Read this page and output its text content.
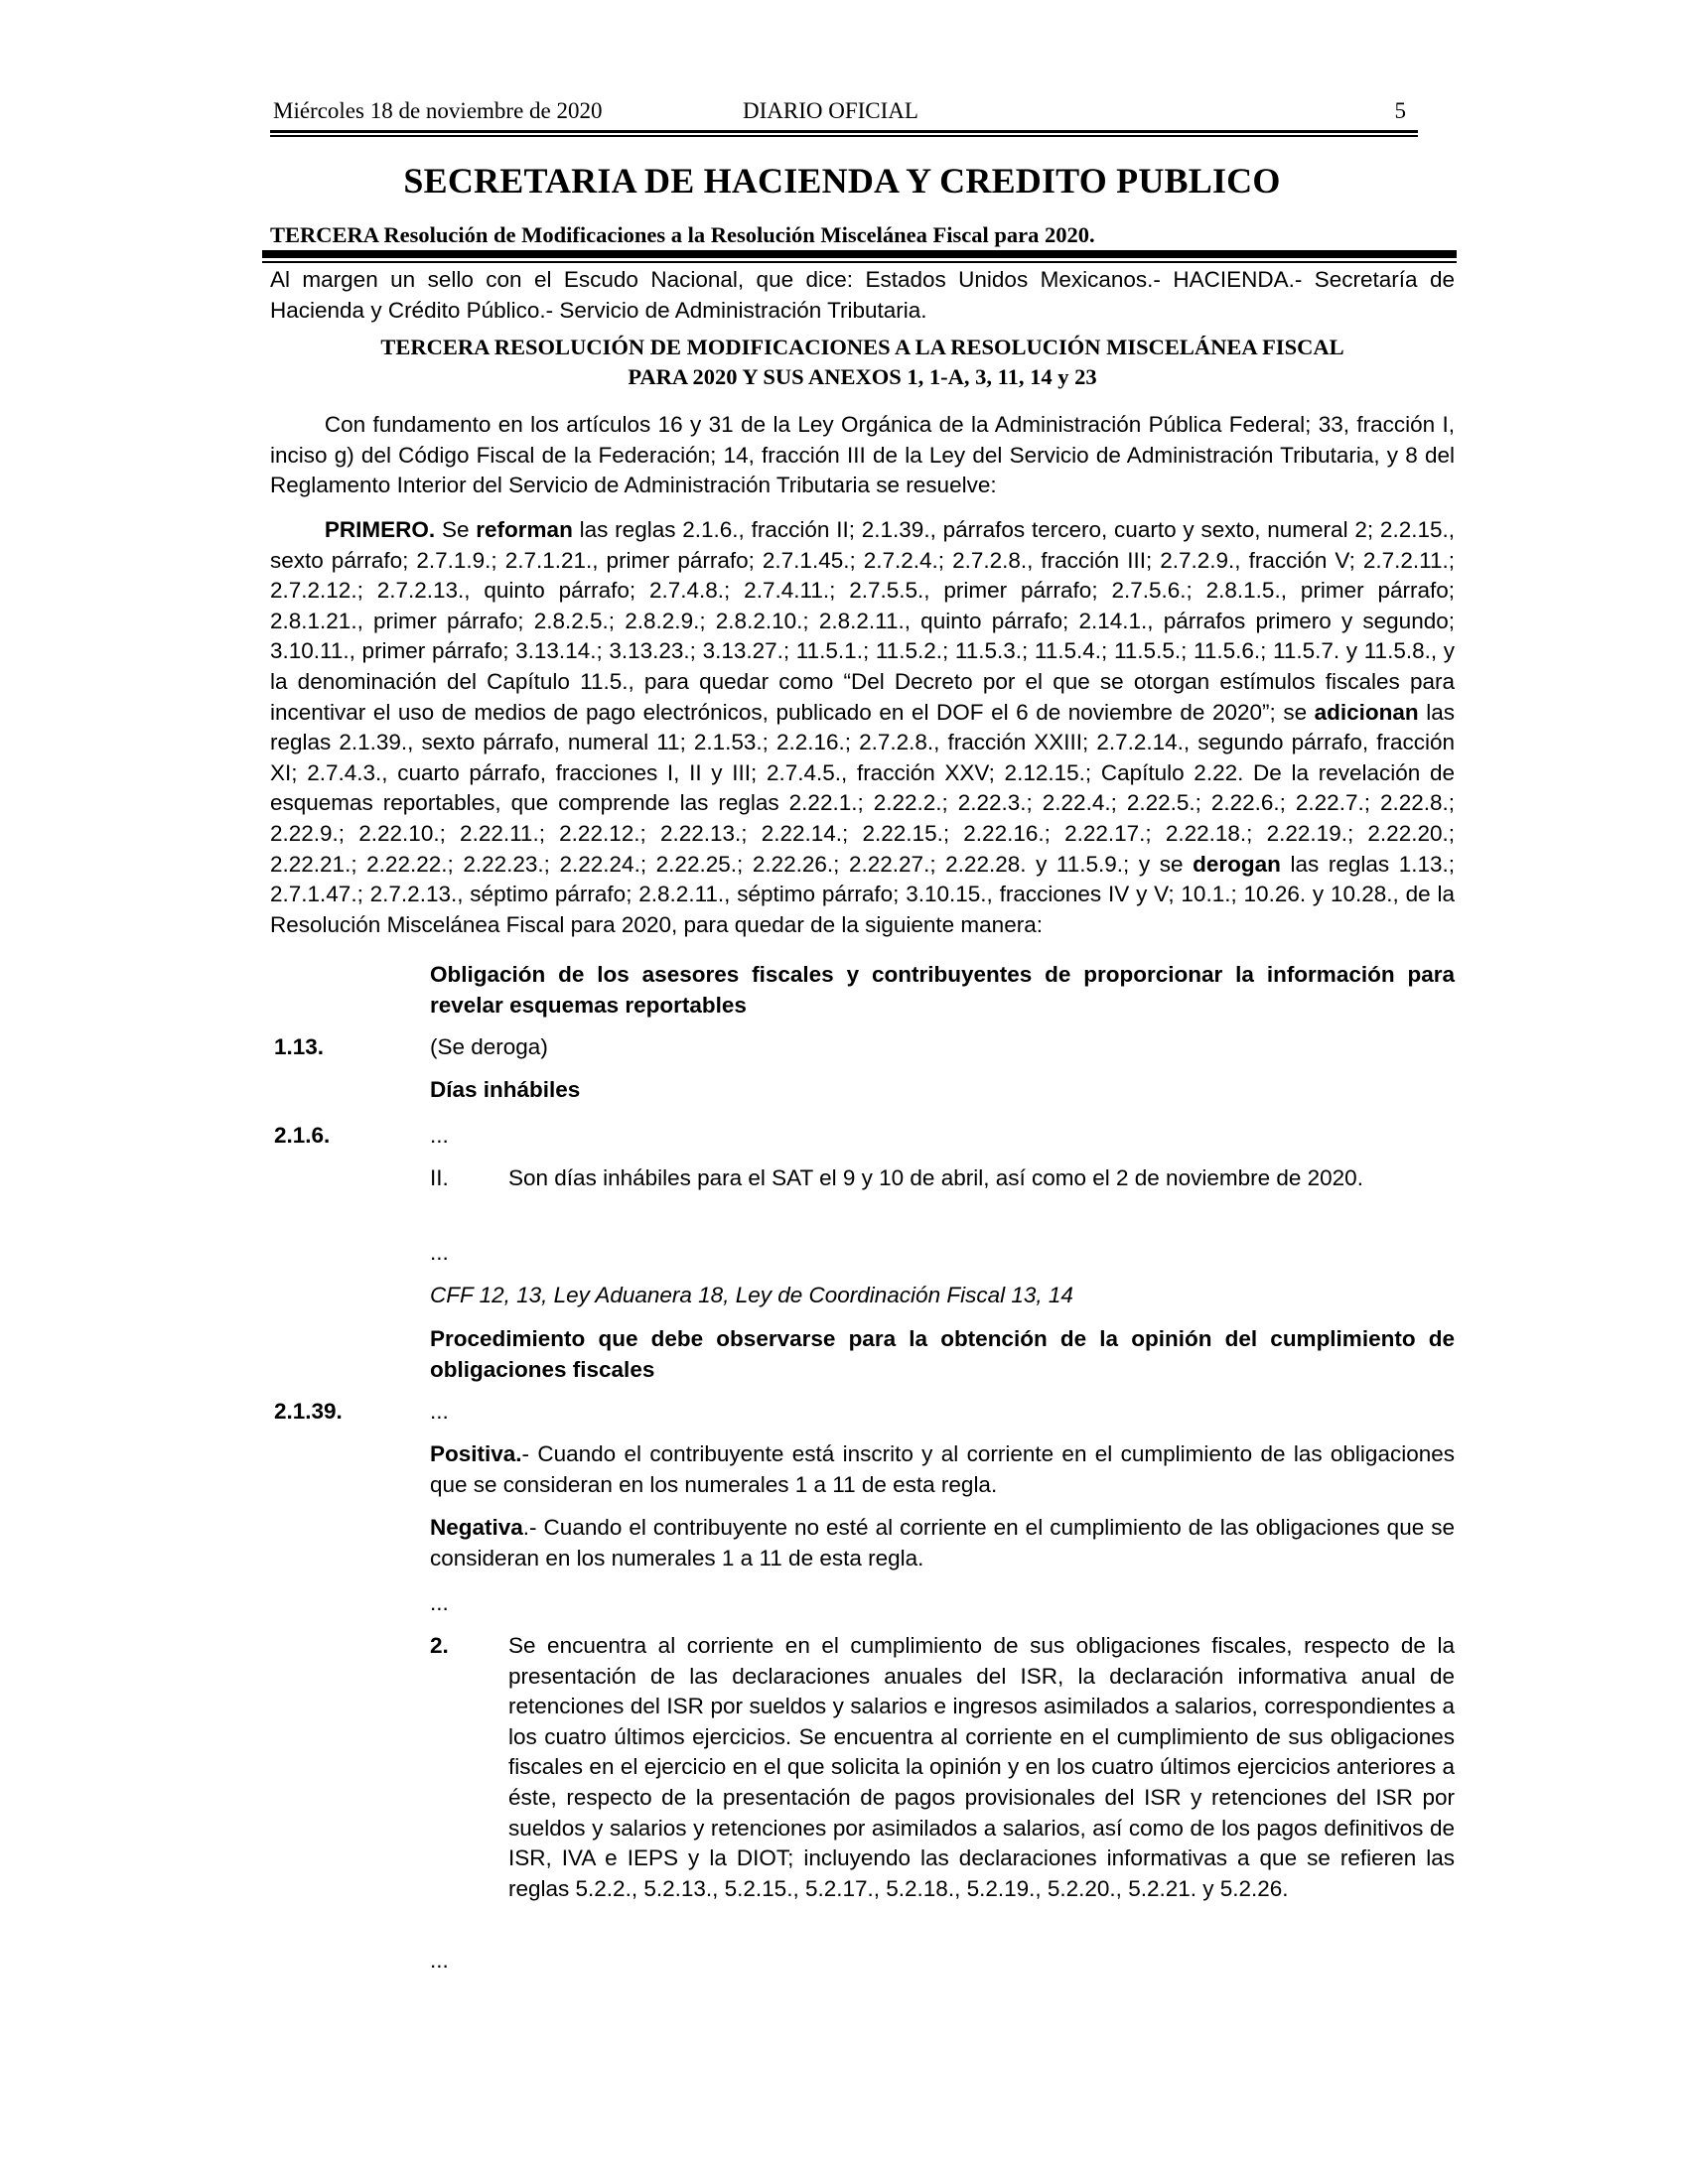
Miércoles 18 de noviembre de 2020	DIARIO OFICIAL	5
SECRETARIA DE HACIENDA Y CREDITO PUBLICO
TERCERA Resolución de Modificaciones a la Resolución Miscelánea Fiscal para 2020.
Al margen un sello con el Escudo Nacional, que dice: Estados Unidos Mexicanos.- HACIENDA.- Secretaría de Hacienda y Crédito Público.- Servicio de Administración Tributaria.
TERCERA RESOLUCIÓN DE MODIFICACIONES A LA RESOLUCIÓN MISCELÁNEA FISCAL
PARA 2020 Y SUS ANEXOS 1, 1-A, 3, 11, 14 y 23
Con fundamento en los artículos 16 y 31 de la Ley Orgánica de la Administración Pública Federal; 33, fracción I, inciso g) del Código Fiscal de la Federación; 14, fracción III de la Ley del Servicio de Administración Tributaria, y 8 del Reglamento Interior del Servicio de Administración Tributaria se resuelve:
PRIMERO. Se reforman las reglas 2.1.6., fracción II; 2.1.39., párrafos tercero, cuarto y sexto, numeral 2; 2.2.15., sexto párrafo; 2.7.1.9.; 2.7.1.21., primer párrafo; 2.7.1.45.; 2.7.2.4.; 2.7.2.8., fracción III; 2.7.2.9., fracción V; 2.7.2.11.; 2.7.2.12.; 2.7.2.13., quinto párrafo; 2.7.4.8.; 2.7.4.11.; 2.7.5.5., primer párrafo; 2.7.5.6.; 2.8.1.5., primer párrafo; 2.8.1.21., primer párrafo; 2.8.2.5.; 2.8.2.9.; 2.8.2.10.; 2.8.2.11., quinto párrafo; 2.14.1., párrafos primero y segundo; 3.10.11., primer párrafo; 3.13.14.; 3.13.23.; 3.13.27.; 11.5.1.; 11.5.2.; 11.5.3.; 11.5.4.; 11.5.5.; 11.5.6.; 11.5.7. y 11.5.8., y la denominación del Capítulo 11.5., para quedar como “Del Decreto por el que se otorgan estímulos fiscales para incentivar el uso de medios de pago electrónicos, publicado en el DOF el 6 de noviembre de 2020”; se adicionan las reglas 2.1.39., sexto párrafo, numeral 11; 2.1.53.; 2.2.16.; 2.7.2.8., fracción XXIII; 2.7.2.14., segundo párrafo, fracción XI; 2.7.4.3., cuarto párrafo, fracciones I, II y III; 2.7.4.5., fracción XXV; 2.12.15.; Capítulo 2.22. De la revelación de esquemas reportables, que comprende las reglas 2.22.1.; 2.22.2.; 2.22.3.; 2.22.4.; 2.22.5.; 2.22.6.; 2.22.7.; 2.22.8.; 2.22.9.; 2.22.10.; 2.22.11.; 2.22.12.; 2.22.13.; 2.22.14.; 2.22.15.; 2.22.16.; 2.22.17.; 2.22.18.; 2.22.19.; 2.22.20.; 2.22.21.; 2.22.22.; 2.22.23.; 2.22.24.; 2.22.25.; 2.22.26.; 2.22.27.; 2.22.28. y 11.5.9.; y se derogan las reglas 1.13.; 2.7.1.47.; 2.7.2.13., séptimo párrafo; 2.8.2.11., séptimo párrafo; 3.10.15., fracciones IV y V; 10.1.; 10.26. y 10.28., de la Resolución Miscelánea Fiscal para 2020, para quedar de la siguiente manera:
Obligación de los asesores fiscales y contribuyentes de proporcionar la información para revelar esquemas reportables
1.13.	(Se deroga)
Días inhábiles
2.1.6.	...
II.	Son días inhábiles para el SAT el 9 y 10 de abril, así como el 2 de noviembre de 2020.
...
CFF 12, 13, Ley Aduanera 18, Ley de Coordinación Fiscal 13, 14
Procedimiento que debe observarse para la obtención de la opinión del cumplimiento de obligaciones fiscales
2.1.39.	...
Positiva.- Cuando el contribuyente está inscrito y al corriente en el cumplimiento de las obligaciones que se consideran en los numerales 1 a 11 de esta regla.
Negativa.- Cuando el contribuyente no esté al corriente en el cumplimiento de las obligaciones que se consideran en los numerales 1 a 11 de esta regla.
...
2.	Se encuentra al corriente en el cumplimiento de sus obligaciones fiscales, respecto de la presentación de las declaraciones anuales del ISR, la declaración informativa anual de retenciones del ISR por sueldos y salarios e ingresos asimilados a salarios, correspondientes a los cuatro últimos ejercicios. Se encuentra al corriente en el cumplimiento de sus obligaciones fiscales en el ejercicio en el que solicita la opinión y en los cuatro últimos ejercicios anteriores a éste, respecto de la presentación de pagos provisionales del ISR y retenciones del ISR por sueldos y salarios y retenciones por asimilados a salarios, así como de los pagos definitivos de ISR, IVA e IEPS y la DIOT; incluyendo las declaraciones informativas a que se refieren las reglas 5.2.2., 5.2.13., 5.2.15., 5.2.17., 5.2.18., 5.2.19., 5.2.20., 5.2.21. y 5.2.26.
...
